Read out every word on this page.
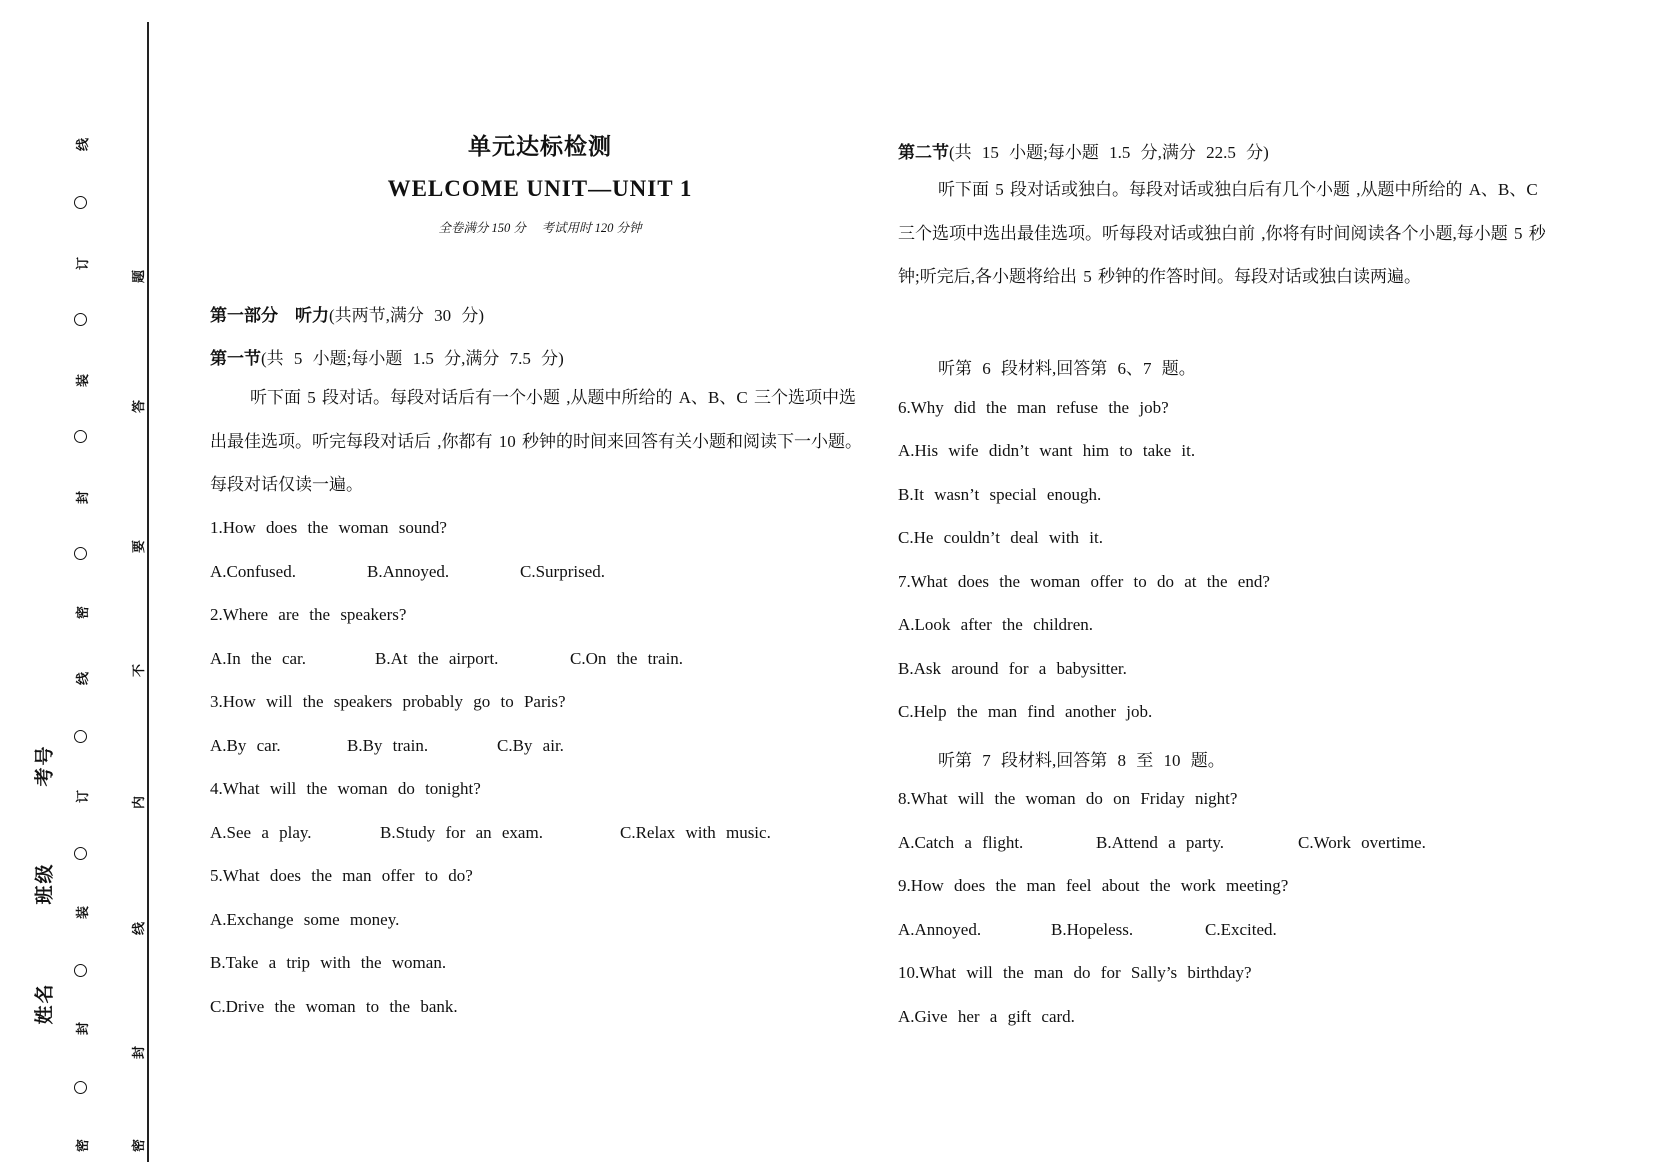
线
订
装
封
密
线
订
装
封
密
题
答
要
不
内
线
封
密
考号
班级
姓名
单元达标检测
WELCOME UNIT—UNIT 1
全卷满分 150 分　 考试用时 120 分钟
第一部分　听力(共两节,满分 30 分)
第一节(共 5 小题;每小题 1.5 分,满分 7.5 分)
听下面 5 段对话。每段对话后有一个小题 ,从题中所给的 A、B、C 三个选项中选出最佳选项。听完每段对话后 ,你都有 10 秒钟的时间来回答有关小题和阅读下一小题。每段对话仅读一遍。
1.How does the woman sound?
A.Confused.	B.Annoyed.	C.Surprised.
2.Where are the speakers?
A.In the car.	B.At the airport.	C.On the train.
3.How will the speakers probably go to Paris?
A.By car.	B.By train.	C.By air.
4.What will the woman do tonight?
A.See a play.	B.Study for an exam.	C.Relax with music.
5.What does the man offer to do?
A.Exchange some money.
B.Take a trip with the woman.
C.Drive the woman to the bank.
第二节(共 15 小题;每小题 1.5 分,满分 22.5 分)
听下面 5 段对话或独白。每段对话或独白后有几个小题 ,从题中所给的 A、B、C 三个选项中选出最佳选项。听每段对话或独白前 ,你将有时间阅读各个小题,每小题 5 秒钟;听完后,各小题将给出 5 秒钟的作答时间。每段对话或独白读两遍。
听第 6 段材料,回答第 6、7 题。
6.Why did the man refuse the job?
A.His wife didn’t want him to take it.
B.It wasn’t special enough.
C.He couldn’t deal with it.
7.What does the woman offer to do at the end?
A.Look after the children.
B.Ask around for a babysitter.
C.Help the man find another job.
听第 7 段材料,回答第 8 至 10 题。
8.What will the woman do on Friday night?
A.Catch a flight.	B.Attend a party.	C.Work overtime.
9.How does the man feel about the work meeting?
A.Annoyed.	B.Hopeless.	C.Excited.
10.What will the man do for Sally’s birthday?
A.Give her a gift card.
